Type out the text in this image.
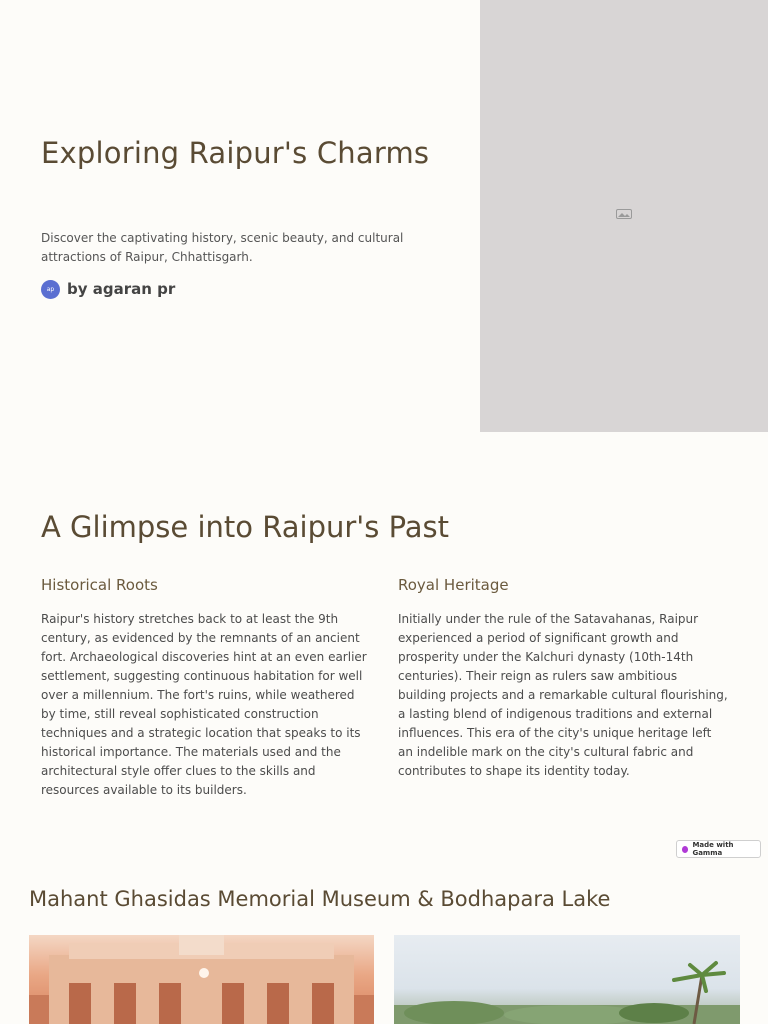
Exploring Raipur's Charms

Discover the captivating history, scenic beauty, and cultural attractions of Raipur, Chhattisgarh.

ap by agaran pr
A Glimpse into Raipur's Past
Historical Roots

Raipur's history stretches back to at least the 9th century, as evidenced by the remnants of an ancient fort. Archaeological discoveries hint at an even earlier settlement, suggesting continuous habitation for well over a millennium. The fort's ruins, while weathered by time, still reveal sophisticated construction techniques and a strategic location that speaks to its historical importance. The materials used and the architectural style offer clues to the skills and resources available to its builders.

Royal Heritage

Initially under the rule of the Satavahanas, Raipur experienced a period of significant growth and prosperity under the Kalchuri dynasty (10th-14th centuries). Their reign as rulers saw ambitious building projects and a remarkable cultural flourishing, a lasting blend of indigenous traditions and external influences. This era of the city's unique heritage left an indelible mark on the city's cultural fabric and contributes to shape its identity today.

Made with Gamma
Mahant Ghasidas Memorial Museum & Bodhapara Lake
